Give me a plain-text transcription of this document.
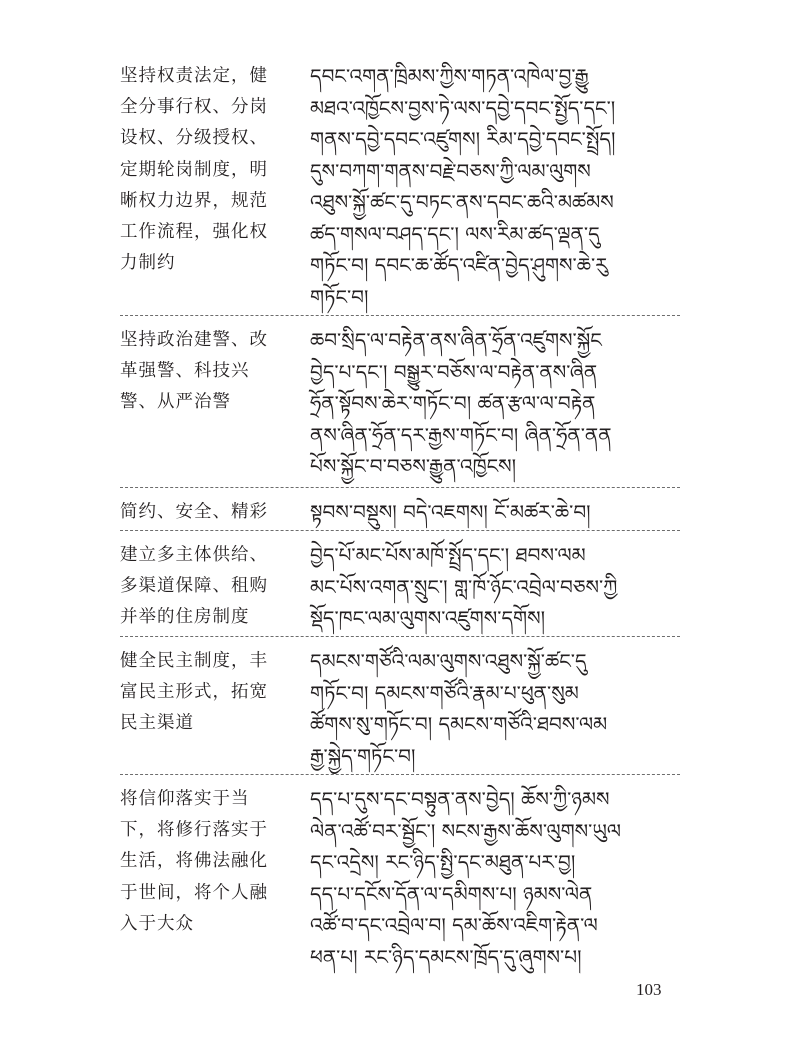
坚持权责法定，健
全分事行权、分岗
设权、分级授权、
定期轮岗制度，明
晰权力边界，规范
工作流程，强化权
力制约
དབང་འགན་ཁྲིམས་ཀྱིས་གཏན་འཁེལ་བྱ་རྒྱུ
མཐའ་འཁྱོངས་བྱས་ཏེ་ལས་དབྱེ་དབང་སྤྱོད་དང་།
གནས་དབྱེ་དབང་འཛུགས། རིམ་དབྱེ་དབང་སྤྲོད།
དུས་བཀག་གནས་བརྗེ་བཅས་ཀྱི་ལམ་ལུགས
འཐུས་སྐྱོ་ཚང་དུ་བཏང་ནས་དབང་ཆའི་མཚམས
ཚད་གསལ་བཤད་དང་། ལས་རིམ་ཚད་ལྡན་དུ
གཏོང་བ། དབང་ཆ་ཚོད་འཛིན་བྱེད་ཤུགས་ཆེ་རུ
གཏོང་བ།
坚持政治建警、改
革强警、科技兴
警、从严治警
ཆབ་སྲིད་ལ་བརྟེན་ནས་ཞིན་ཧྲོན་འཛུགས་སྐྱོང
བྱེད་པ་དང་། བསྒྱུར་བཅོས་ལ་བརྟེན་ནས་ཞིན
ཧྲོན་སྟོབས་ཆེར་གཏོང་བ། ཚན་རྩལ་ལ་བརྟེན
ནས་ཞིན་ཧྲོན་དར་རྒྱས་གཏོང་བ། ཞིན་ཧྲོན་ནན
པོས་སྐྱོང་བ་བཅས་རྒྱུན་འཁྱོངས།
简约、安全、精彩	སྟབས་བསྡུས། བདེ་འཇགས། ངོ་མཚར་ཆེ་བ།
建立多主体供给、
多渠道保障、租购
并举的住房制度
བྱེད་པོ་མང་པོས་མཁོ་སྤྲོད་དང་། ཐབས་ལམ
མང་པོས་འགན་སྲུང་། གླ་ཁོ་ཉོང་འབྲེལ་བཅས་ཀྱི
སྡོད་ཁང་ལམ་ལུགས་འཛུགས་དགོས།
健全民主制度，丰
富民主形式，拓宽
民主渠道
དམངས་གཙོའི་ལམ་ལུགས་འཐུས་སྐྱོ་ཚང་དུ
གཏོང་བ། དམངས་གཙོའི་རྣམ་པ་ཕུན་སུམ
ཚོགས་སུ་གཏོང་བ། དམངས་གཙོའི་ཐབས་ལམ
རྒྱ་སྐྱེད་གཏོང་བ།
将信仰落实于当
下，将修行落实于
生活，将佛法融化
于世间，将个人融
入于大众
དད་པ་དུས་དང་བསྟུན་ནས་བྱེད། ཆོས་ཀྱི་ཉམས
ལེན་འཚོ་བར་སྦྱོང་། སངས་རྒྱས་ཆོས་ལུགས་ཡུལ
དང་འདྲེས། རང་ཉིད་སྤྱི་དང་མཐུན་པར་བྱ།
དད་པ་དངོས་དོན་ལ་དམིགས་པ། ཉམས་ལེན
འཚོ་བ་དང་འབྲེལ་བ། དམ་ཆོས་འཇིག་རྟེན་ལ
ཕན་པ། རང་ཉིད་དམངས་ཁྲོད་དུ་ཞུགས་པ།
103
